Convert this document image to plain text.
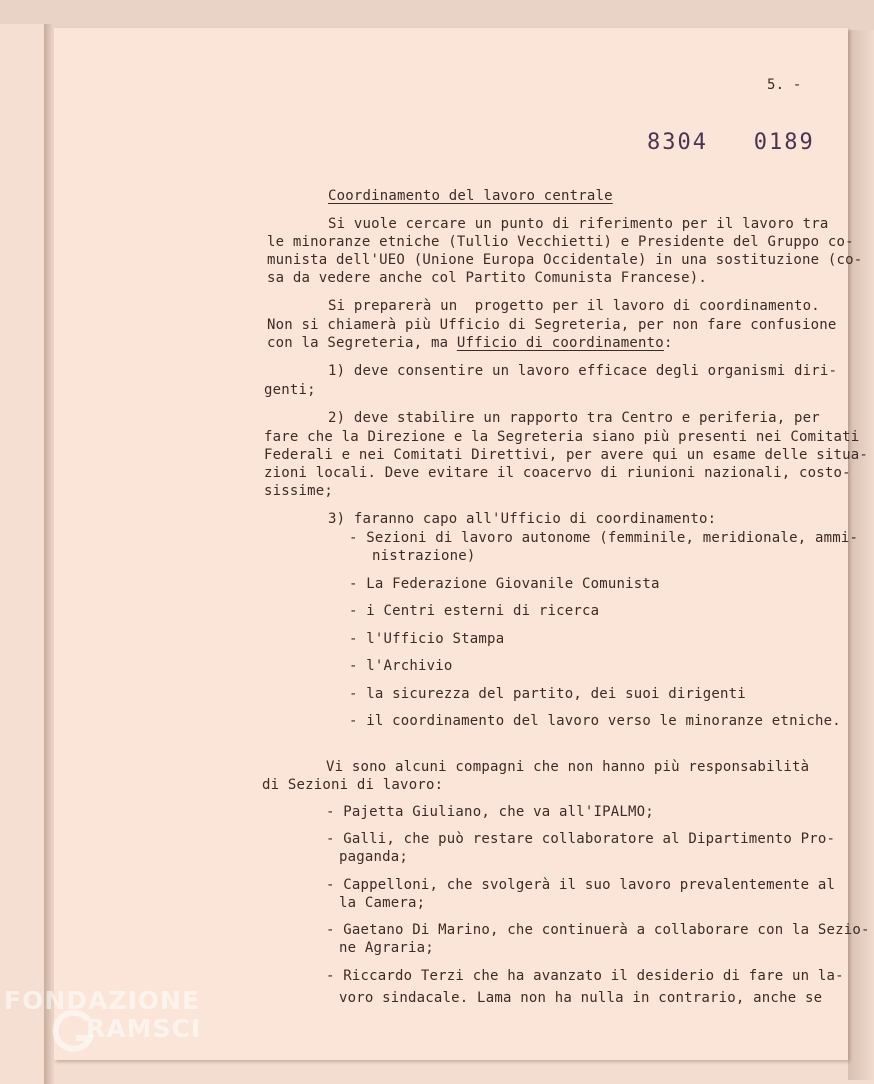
5. -
8304   0189
Coordinamento del lavoro centrale
Si vuole cercare un punto di riferimento per il lavoro tra
le minoranze etniche (Tullio Vecchietti) e Presidente del Gruppo co-
munista dell'UEO (Unione Europa Occidentale) in una sostituzione (co-
sa da vedere anche col Partito Comunista Francese).
Si preparerà un  progetto per il lavoro di coordinamento.
Non si chiamerà più Ufficio di Segreteria, per non fare confusione
con la Segreteria, ma Ufficio di coordinamento:
1) deve consentire un lavoro efficace degli organismi diri-
genti;
2) deve stabilire un rapporto tra Centro e periferia, per
fare che la Direzione e la Segreteria siano più presenti nei Comitati
Federali e nei Comitati Direttivi, per avere qui un esame delle situa-
zioni locali. Deve evitare il coacervo di riunioni nazionali, costo-
sissime;
3) faranno capo all'Ufficio di coordinamento:
- Sezioni di lavoro autonome (femminile, meridionale, ammi-
nistrazione)
- La Federazione Giovanile Comunista
- i Centri esterni di ricerca
- l'Ufficio Stampa
- l'Archivio
- la sicurezza del partito, dei suoi dirigenti
- il coordinamento del lavoro verso le minoranze etniche.
Vi sono alcuni compagni che non hanno più responsabilità
di Sezioni di lavoro:
- Pajetta Giuliano, che va all'IPALMO;
- Galli, che può restare collaboratore al Dipartimento Pro-
paganda;
- Cappelloni, che svolgerà il suo lavoro prevalentemente al
la Camera;
- Gaetano Di Marino, che continuerà a collaborare con la Sezio-
ne Agraria;
- Riccardo Terzi che ha avanzato il desiderio di fare un la-
voro sindacale. Lama non ha nulla in contrario, anche se
FONDAZIONE
RAMSCI
